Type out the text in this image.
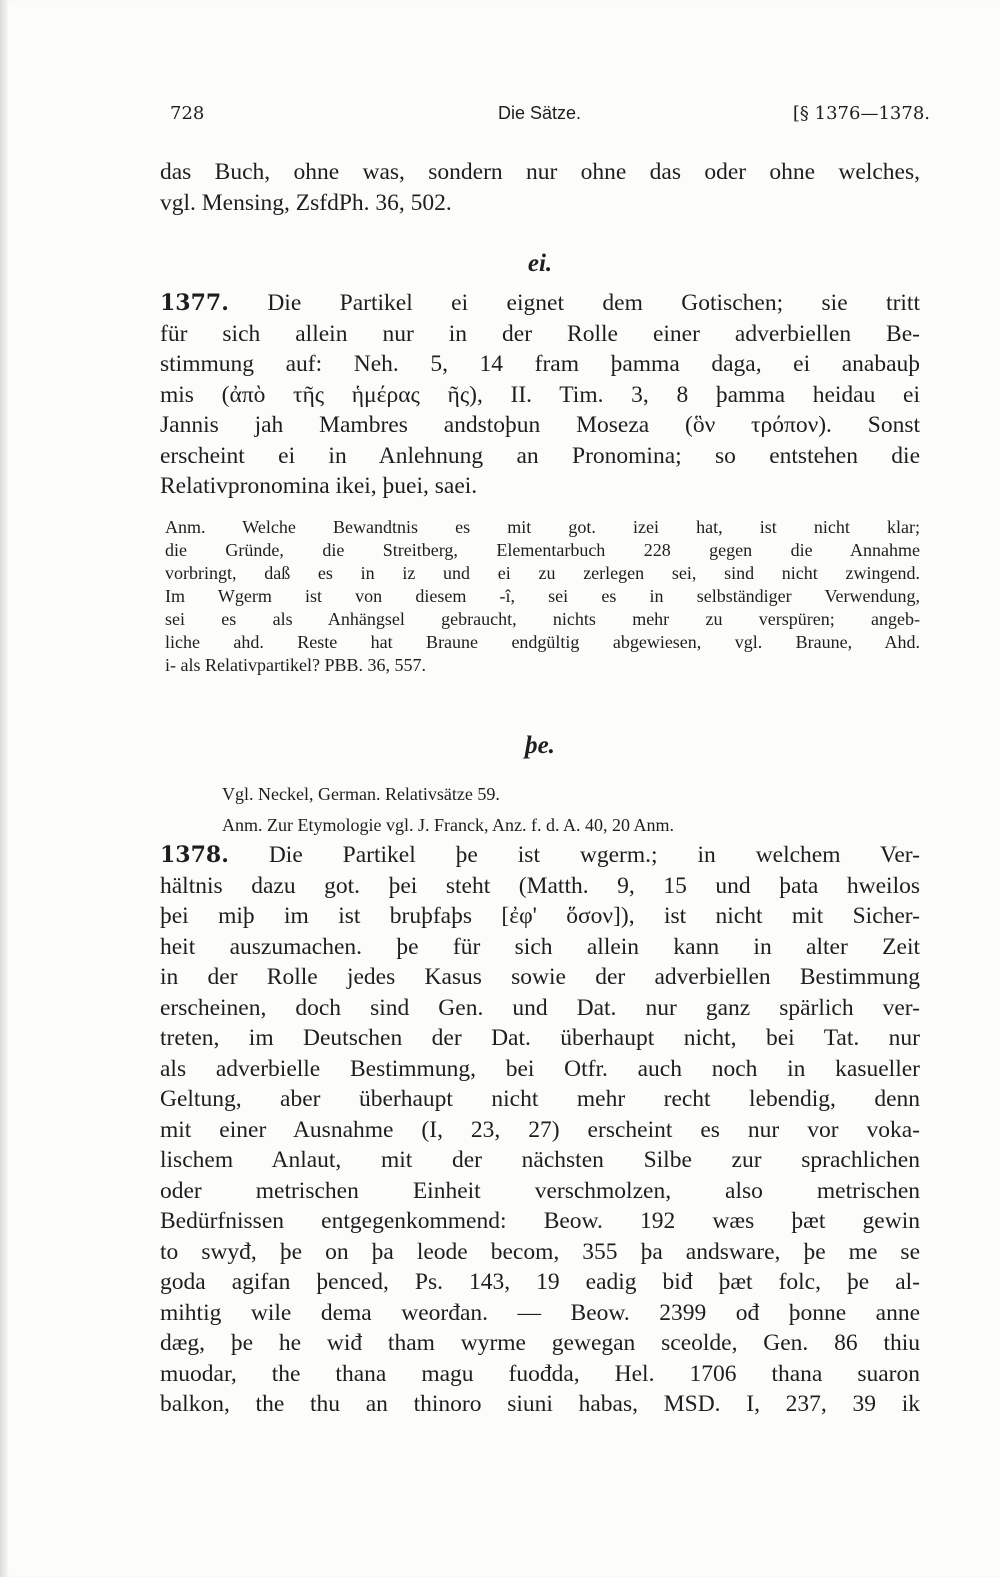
728	Die Sätze.	[§ 1376—1378.
das Buch, ohne was, sondern nur ohne das oder ohne welches,
vgl. Mensing, ZsfdPh. 36, 502.
ei.
1377. Die Partikel ei eignet dem Gotischen; sie tritt
für sich allein nur in der Rolle einer adverbiellen Be-
stimmung auf: Neh. 5, 14 fram þamma daga, ei anabauþ
mis (ἀπὸ τῆς ἡμέρας ῆς), II. Tim. 3, 8 þamma heidau ei
Jannis jah Mambres andstoþun Moseza (ὃν τρόπον). Sonst
erscheint ei in Anlehnung an Pronomina; so entstehen die
Relativpronomina ikei, þuei, saei.
Anm. Welche Bewandtnis es mit got. izei hat, ist nicht klar;
die Gründe, die Streitberg, Elementarbuch 228 gegen die Annahme
vorbringt, daß es in iz und ei zu zerlegen sei, sind nicht zwingend.
Im Wgerm ist von diesem -î, sei es in selbständiger Verwendung,
sei es als Anhängsel gebraucht, nichts mehr zu verspüren; angeb-
liche ahd. Reste hat Braune endgültig abgewiesen, vgl. Braune, Ahd.
i- als Relativpartikel? PBB. 36, 557.
þe.
Vgl. Neckel, German. Relativsätze 59.
Anm. Zur Etymologie vgl. J. Franck, Anz. f. d. A. 40, 20 Anm.
1378. Die Partikel þe ist wgerm.; in welchem Ver-
hältnis dazu got. þei steht (Matth. 9, 15 und þata hweilos
þei miþ im ist bruþfaþs [ἐφ' ὅσον]), ist nicht mit Sicher-
heit auszumachen. þe für sich allein kann in alter Zeit
in der Rolle jedes Kasus sowie der adverbiellen Bestimmung
erscheinen, doch sind Gen. und Dat. nur ganz spärlich ver-
treten, im Deutschen der Dat. überhaupt nicht, bei Tat. nur
als adverbielle Bestimmung, bei Otfr. auch noch in kasueller
Geltung, aber überhaupt nicht mehr recht lebendig, denn
mit einer Ausnahme (I, 23, 27) erscheint es nur vor voka-
lischem Anlaut, mit der nächsten Silbe zur sprachlichen
oder metrischen Einheit verschmolzen, also metrischen
Bedürfnissen entgegenkommend: Beow. 192 wæs þæt gewin
to swyđ, þe on þa leode becom, 355 þa andsware, þe me se
goda agifan þenced, Ps. 143, 19 eadig biđ þæt folc, þe al-
mihtig wile dema weorđan. — Beow. 2399 ođ þonne anne
dæg, þe he wiđ tham wyrme gewegan sceolde, Gen. 86 thiu
muodar, the thana magu fuođda, Hel. 1706 thana suaron
balkon, the thu an thinoro siuni habas, MSD. I, 237, 39 ik
